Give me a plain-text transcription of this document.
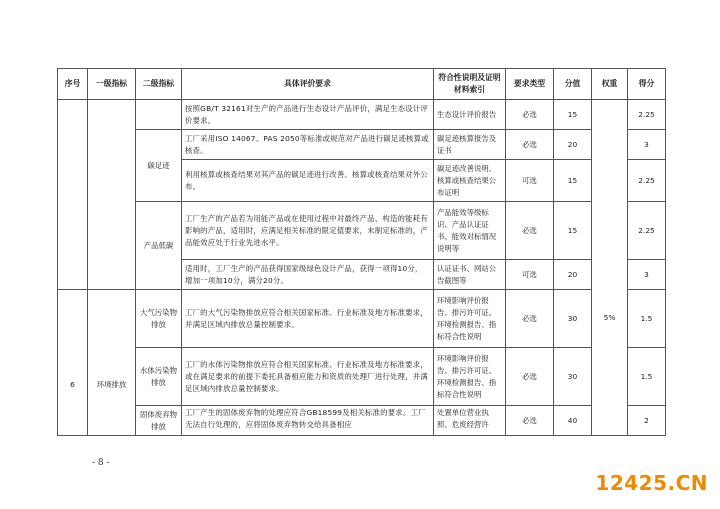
序号	一级指标	二级指标	具体评价要求	符合性说明及证明材料索引	要求类型	分值	权重	得分
			按照GB/T 32161对生产的产品进行生态设计产品评价，满足生态设计评价要求。	生态设计评价报告	必选	15	5%	2.25
		碳足迹	工厂采用ISO 14067、PAS 2050等标准或规范对产品进行碳足迹核算或核查。	碳足迹核算报告及证书	必选	20		3
			利用核算或核查结果对其产品的碳足迹进行改善。核算或核查结果对外公布。	碳足迹改善说明、核算或核查结果公布证明	可选	15		2.25
		产品低碳	工厂生产的产品若为用能产品或在使用过程中对最终产品、构造的能耗有影响的产品，适用时，应满足相关标准的限定值要求，未制定标准的，产品能效应处于行业先进水平。	产品能效等级标识、产品认证证书、能效对标情况说明等	必选	15		2.25
			适用时，工厂生产的产品获得国家级绿色设计产品，获得一项得10分，增加一项加10分，满分20分。	认证证书、网站公告截图等	可选	20		3
6	环境排放	大气污染物排放	工厂的大气污染物排放应符合相关国家标准、行业标准及地方标准要求，并满足区域内排放总量控制要求。	环境影响评价报告、排污许可证、环境检测报告、指标符合性说明	必选	30		1.5
		水体污染物排放	工厂的水体污染物排放应符合相关国家标准、行业标准及地方标准要求，或在满足要求的前提下委托具备相应能力和资质的处理厂进行处理，并满足区域内排放总量控制要求。	环境影响评价报告、排污许可证、环境检测报告、指标符合性说明	必选	30		1.5
		固体废弃物排放	工厂产生的固体废弃物的处理应符合GB18599及相关标准的要求。工厂无法自行处理的，应将固体废弃物转交给具备相应	处置单位营业执照、危废经营许	必选	40		2
- 8 -
12425.CN
